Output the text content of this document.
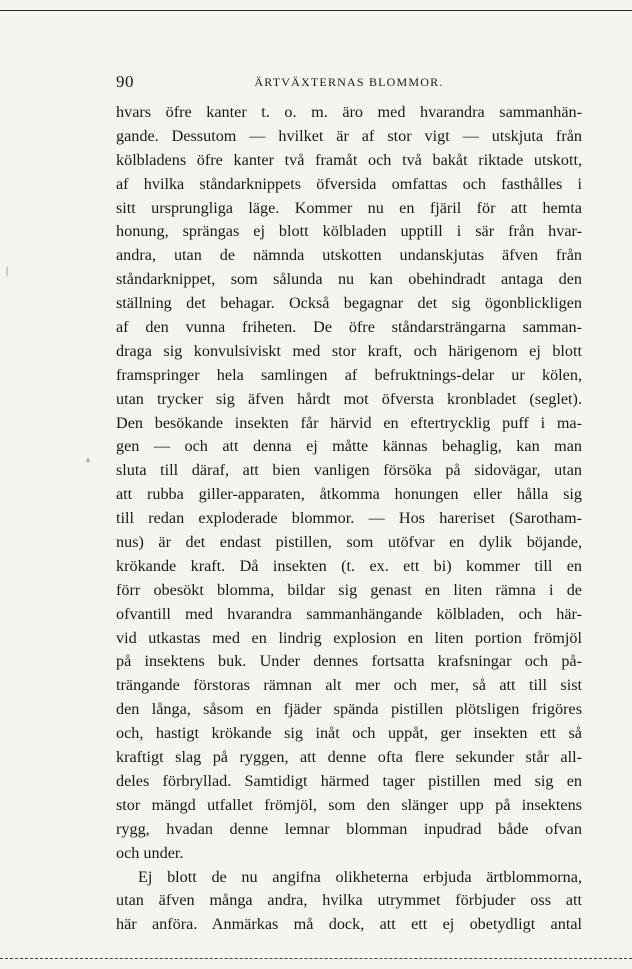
90	ÄRTVÄXTERNAS BLOMMOR.
|
°
hvars öfre kanter t. o. m. äro med hvarandra sammanhän-
gande. Dessutom — hvilket är af stor vigt — utskjuta från
kölbladens öfre kanter två framåt och två bakåt riktade utskott,
af hvilka ståndarknippets öfversida omfattas och fasthålles i
sitt ursprungliga läge. Kommer nu en fjäril för att hemta
honung, sprängas ej blott kölbladen upptill i sär från hvar-
andra, utan de nämnda utskotten undanskjutas äfven från
ståndarknippet, som sålunda nu kan obehindradt antaga den
ställning det behagar. Också begagnar det sig ögonblickligen
af den vunna friheten. De öfre ståndarsträngarna samman-
draga sig konvulsiviskt med stor kraft, och härigenom ej blott
framspringer hela samlingen af befruktnings-delar ur kölen,
utan trycker sig äfven hårdt mot öfversta kronbladet (seglet).
Den besökande insekten får härvid en eftertrycklig puff i ma-
gen — och att denna ej måtte kännas behaglig, kan man
sluta till däraf, att bien vanligen försöka på sidovägar, utan
att rubba giller-apparaten, åtkomma honungen eller hålla sig
till redan exploderade blommor. — Hos hareriset (Sarotham-
nus) är det endast pistillen, som utöfvar en dylik böjande,
krökande kraft. Då insekten (t. ex. ett bi) kommer till en
förr obesökt blomma, bildar sig genast en liten rämna i de
ofvantill med hvarandra sammanhängande kölbladen, och här-
vid utkastas med en lindrig explosion en liten portion frömjöl
på insektens buk. Under dennes fortsatta krafsningar och på-
trängande förstoras rämnan alt mer och mer, så att till sist
den långa, såsom en fjäder spända pistillen plötsligen frigöres
och, hastigt krökande sig inåt och uppåt, ger insekten ett så
kraftigt slag på ryggen, att denne ofta flere sekunder står all-
deles förbryllad. Samtidigt härmed tager pistillen med sig en
stor mängd utfallet frömjöl, som den slänger upp på insektens
rygg, hvadan denne lemnar blomman inpudrad både ofvan
och under.
Ej blott de nu angifna olikheterna erbjuda ärtblommorna,
utan äfven många andra, hvilka utrymmet förbjuder oss att
här anföra. Anmärkas må dock, att ett ej obetydligt antal
